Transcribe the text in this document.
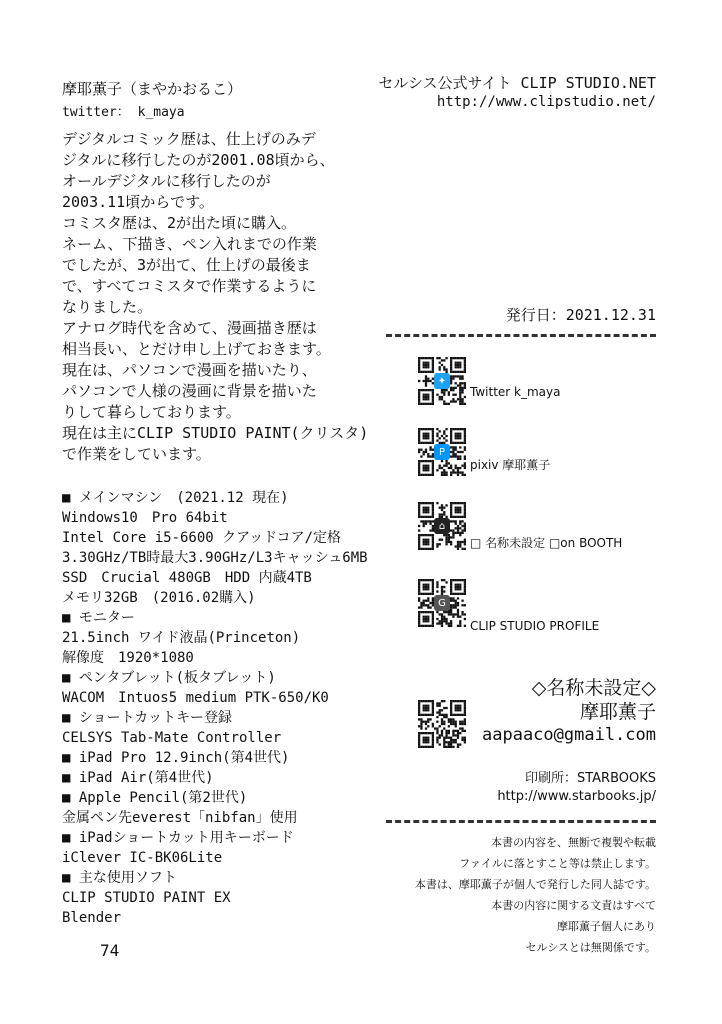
摩耶薫子（まやかおるこ）
twitter： k_maya
デジタルコミック歴は、仕上げのみデ
ジタルに移行したのが2001.08頃から、
オールデジタルに移行したのが
2003.11頃からです。
コミスタ歴は、2が出た頃に購入。
ネーム、下描き、ペン入れまでの作業
でしたが、3が出て、仕上げの最後ま
で、すべてコミスタで作業するように
なりました。
アナログ時代を含めて、漫画描き歴は
相当長い、とだけ申し上げておきます。
現在は、パソコンで漫画を描いたり、
パソコンで人様の漫画に背景を描いた
りして暮らしております。
現在は主にCLIP STUDIO PAINT(クリスタ)
で作業をしています。
■ メインマシン　(2021.12 現在)
Windows10　Pro 64bit
Intel Core i5-6600 クアッドコア/定格
3.30GHz/TB時最大3.90GHz/L3キャッシュ6MB
SSD　Crucial 480GB　HDD 内蔵4TB
メモリ32GB　(2016.02購入)
■ モニター
21.5inch ワイド液晶(Princeton)
解像度　1920*1080
■ ペンタブレット(板タブレット)
WACOM　Intuos5 medium PTK-650/K0
■ ショートカットキー登録
CELSYS Tab-Mate Controller
■ iPad Pro 12.9inch(第4世代)
■ iPad Air(第4世代)
■ Apple Pencil(第2世代)
金属ペン先everest「nibfan」使用
■ iPadショートカット用キーボード
iClever IC-BK06Lite
■ 主な使用ソフト
CLIP STUDIO PAINT EX
Blender
74
セルシス公式サイト CLIP STUDIO.NET
http://www.clipstudio.net/
発行日：2021.12.31
✦
Twitter k_maya
P
pixiv 摩耶薫子
⌂
□ 名称未設定 □on BOOTH
G
CLIP STUDIO PROFILE
◇名称未設定◇
摩耶薫子
aapaaco@gmail.com
印刷所：STARBOOKS
http://www.starbooks.jp/
本書の内容を、無断で複製や転載
ファイルに落とすこと等は禁止します。
本書は、摩耶薫子が個人で発行した同人誌です。
本書の内容に関する文責はすべて
摩耶薫子個人にあり
セルシスとは無関係です。
